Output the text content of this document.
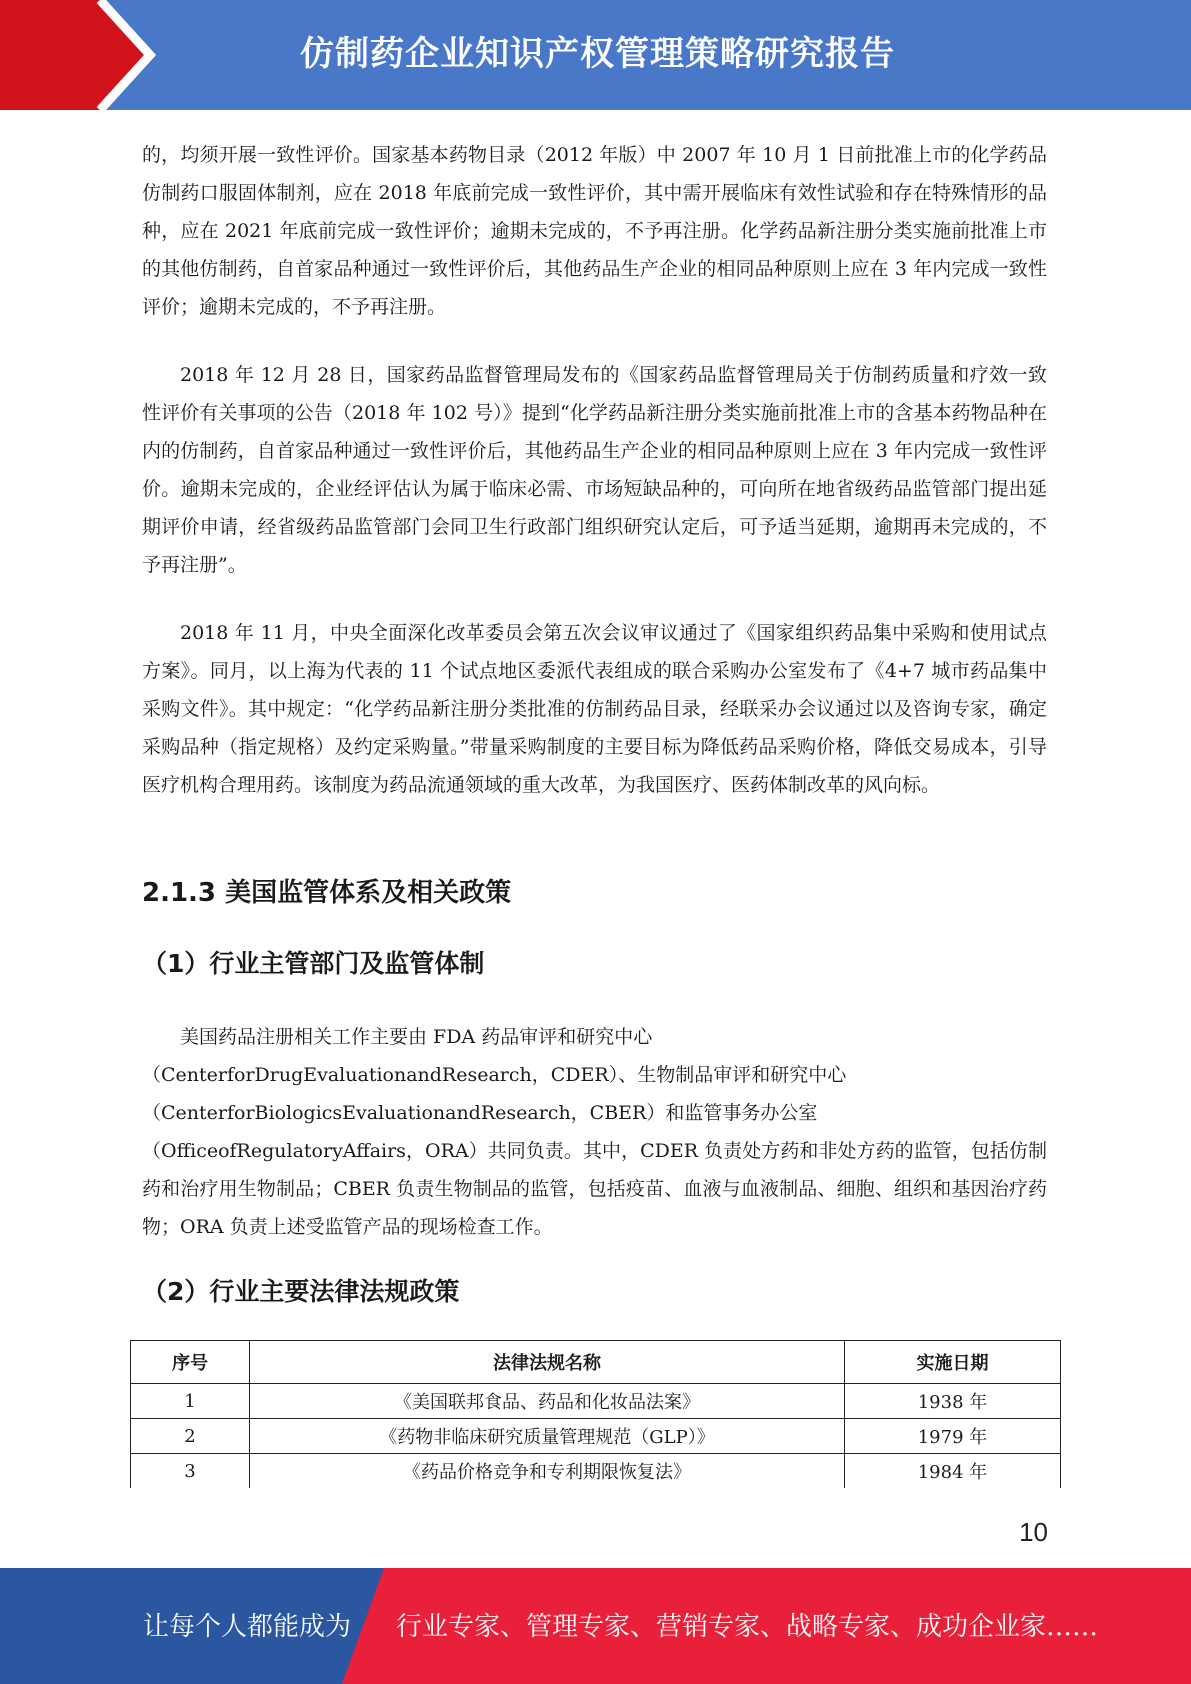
仿制药企业知识产权管理策略研究报告

的，均须开展一致性评价。国家基本药物目录（2012 年版）中 2007 年 10 月 1 日前批准上市的化学药品仿制药口服固体制剂，应在 2018 年底前完成一致性评价，其中需开展临床有效性试验和存在特殊情形的品种，应在 2021 年底前完成一致性评价；逾期未完成的，不予再注册。化学药品新注册分类实施前批准上市的其他仿制药，自首家品种通过一致性评价后，其他药品生产企业的相同品种原则上应在 3 年内完成一致性评价；逾期未完成的，不予再注册。

2018 年 12 月 28 日，国家药品监督管理局发布的《国家药品监督管理局关于仿制药质量和疗效一致性评价有关事项的公告（2018 年 102 号）》提到“化学药品新注册分类实施前批准上市的含基本药物品种在内的仿制药，自首家品种通过一致性评价后，其他药品生产企业的相同品种原则上应在 3 年内完成一致性评价。逾期未完成的，企业经评估认为属于临床必需、市场短缺品种的，可向所在地省级药品监管部门提出延期评价申请，经省级药品监管部门会同卫生行政部门组织研究认定后，可予适当延期，逾期再未完成的，不予再注册”。

2018 年 11 月，中央全面深化改革委员会第五次会议审议通过了《国家组织药品集中采购和使用试点方案》。同月，以上海为代表的 11 个试点地区委派代表组成的联合采购办公室发布了《4+7 城市药品集中采购文件》。其中规定：“化学药品新注册分类批准的仿制药品目录，经联采办会议通过以及咨询专家，确定采购品种（指定规格）及约定采购量。”带量采购制度的主要目标为降低药品采购价格，降低交易成本，引导医疗机构合理用药。该制度为药品流通领域的重大改革，为我国医疗、医药体制改革的风向标。

2.1.3 美国监管体系及相关政策
（1）行业主管部门及监管体制

美国药品注册相关工作主要由 FDA 药品审评和研究中心

（CenterforDrugEvaluationandResearch，CDER）、生物制品审评和研究中心

（CenterforBiologicsEvaluationandResearch，CBER）和监管事务办公室

（OfficeofRegulatoryAffairs，ORA）共同负责。其中，CDER 负责处方药和非处方药的监管，包括仿制药和治疗用生物制品；CBER 负责生物制品的监管，包括疫苗、血液与血液制品、细胞、组织和基因治疗药物；ORA 负责上述受监管产品的现场检查工作。

（2）行业主要法律法规政策
序号	法律法规名称	实施日期
1	《美国联邦食品、药品和化妆品法案》	1938 年
2	《药物非临床研究质量管理规范（GLP）》	1979 年
3	《药品价格竞争和专利期限恢复法》	1984 年
10
让每个人都能成为 行业专家、管理专家、营销专家、战略专家、成功企业家……
